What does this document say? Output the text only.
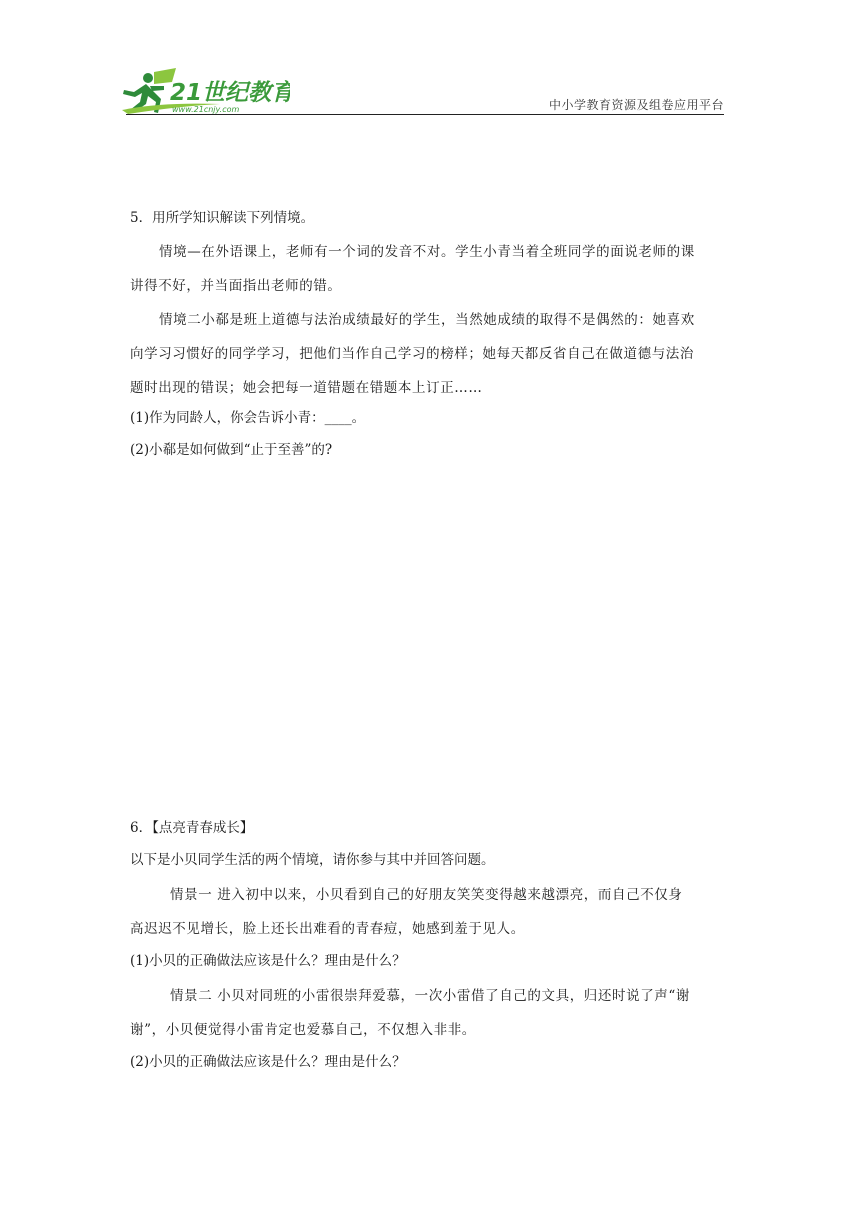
21世纪教育
www.21cnjy.com	中小学教育资源及组卷应用平台

5．用所学知识解读下列情境。

情境—在外语课上，老师有一个词的发音不对。学生小青当着全班同学的面说老师的课

讲得不好，并当面指出老师的错。

情境二小郗是班上道德与法治成绩最好的学生，当然她成绩的取得不是偶然的：她喜欢

向学习习惯好的同学学习，把他们当作自己学习的榜样；她每天都反省自己在做道德与法治

题时出现的错误；她会把每一道错题在错题本上订正……

(1)作为同龄人，你会告诉小青：____。

(2)小郗是如何做到“止于至善”的?

6．【点亮青春成长】

以下是小贝同学生活的两个情境，请你参与其中并回答问题。

情景一 进入初中以来，小贝看到自己的好朋友笑笑变得越来越漂亮，而自己不仅身

高迟迟不见增长，脸上还长出难看的青春痘，她感到羞于见人。

(1)小贝的正确做法应该是什么？理由是什么？

情景二 小贝对同班的小雷很崇拜爱慕，一次小雷借了自己的文具，归还时说了声“谢

谢”，小贝便觉得小雷肯定也爱慕自己，不仅想入非非。

(2)小贝的正确做法应该是什么？理由是什么？
